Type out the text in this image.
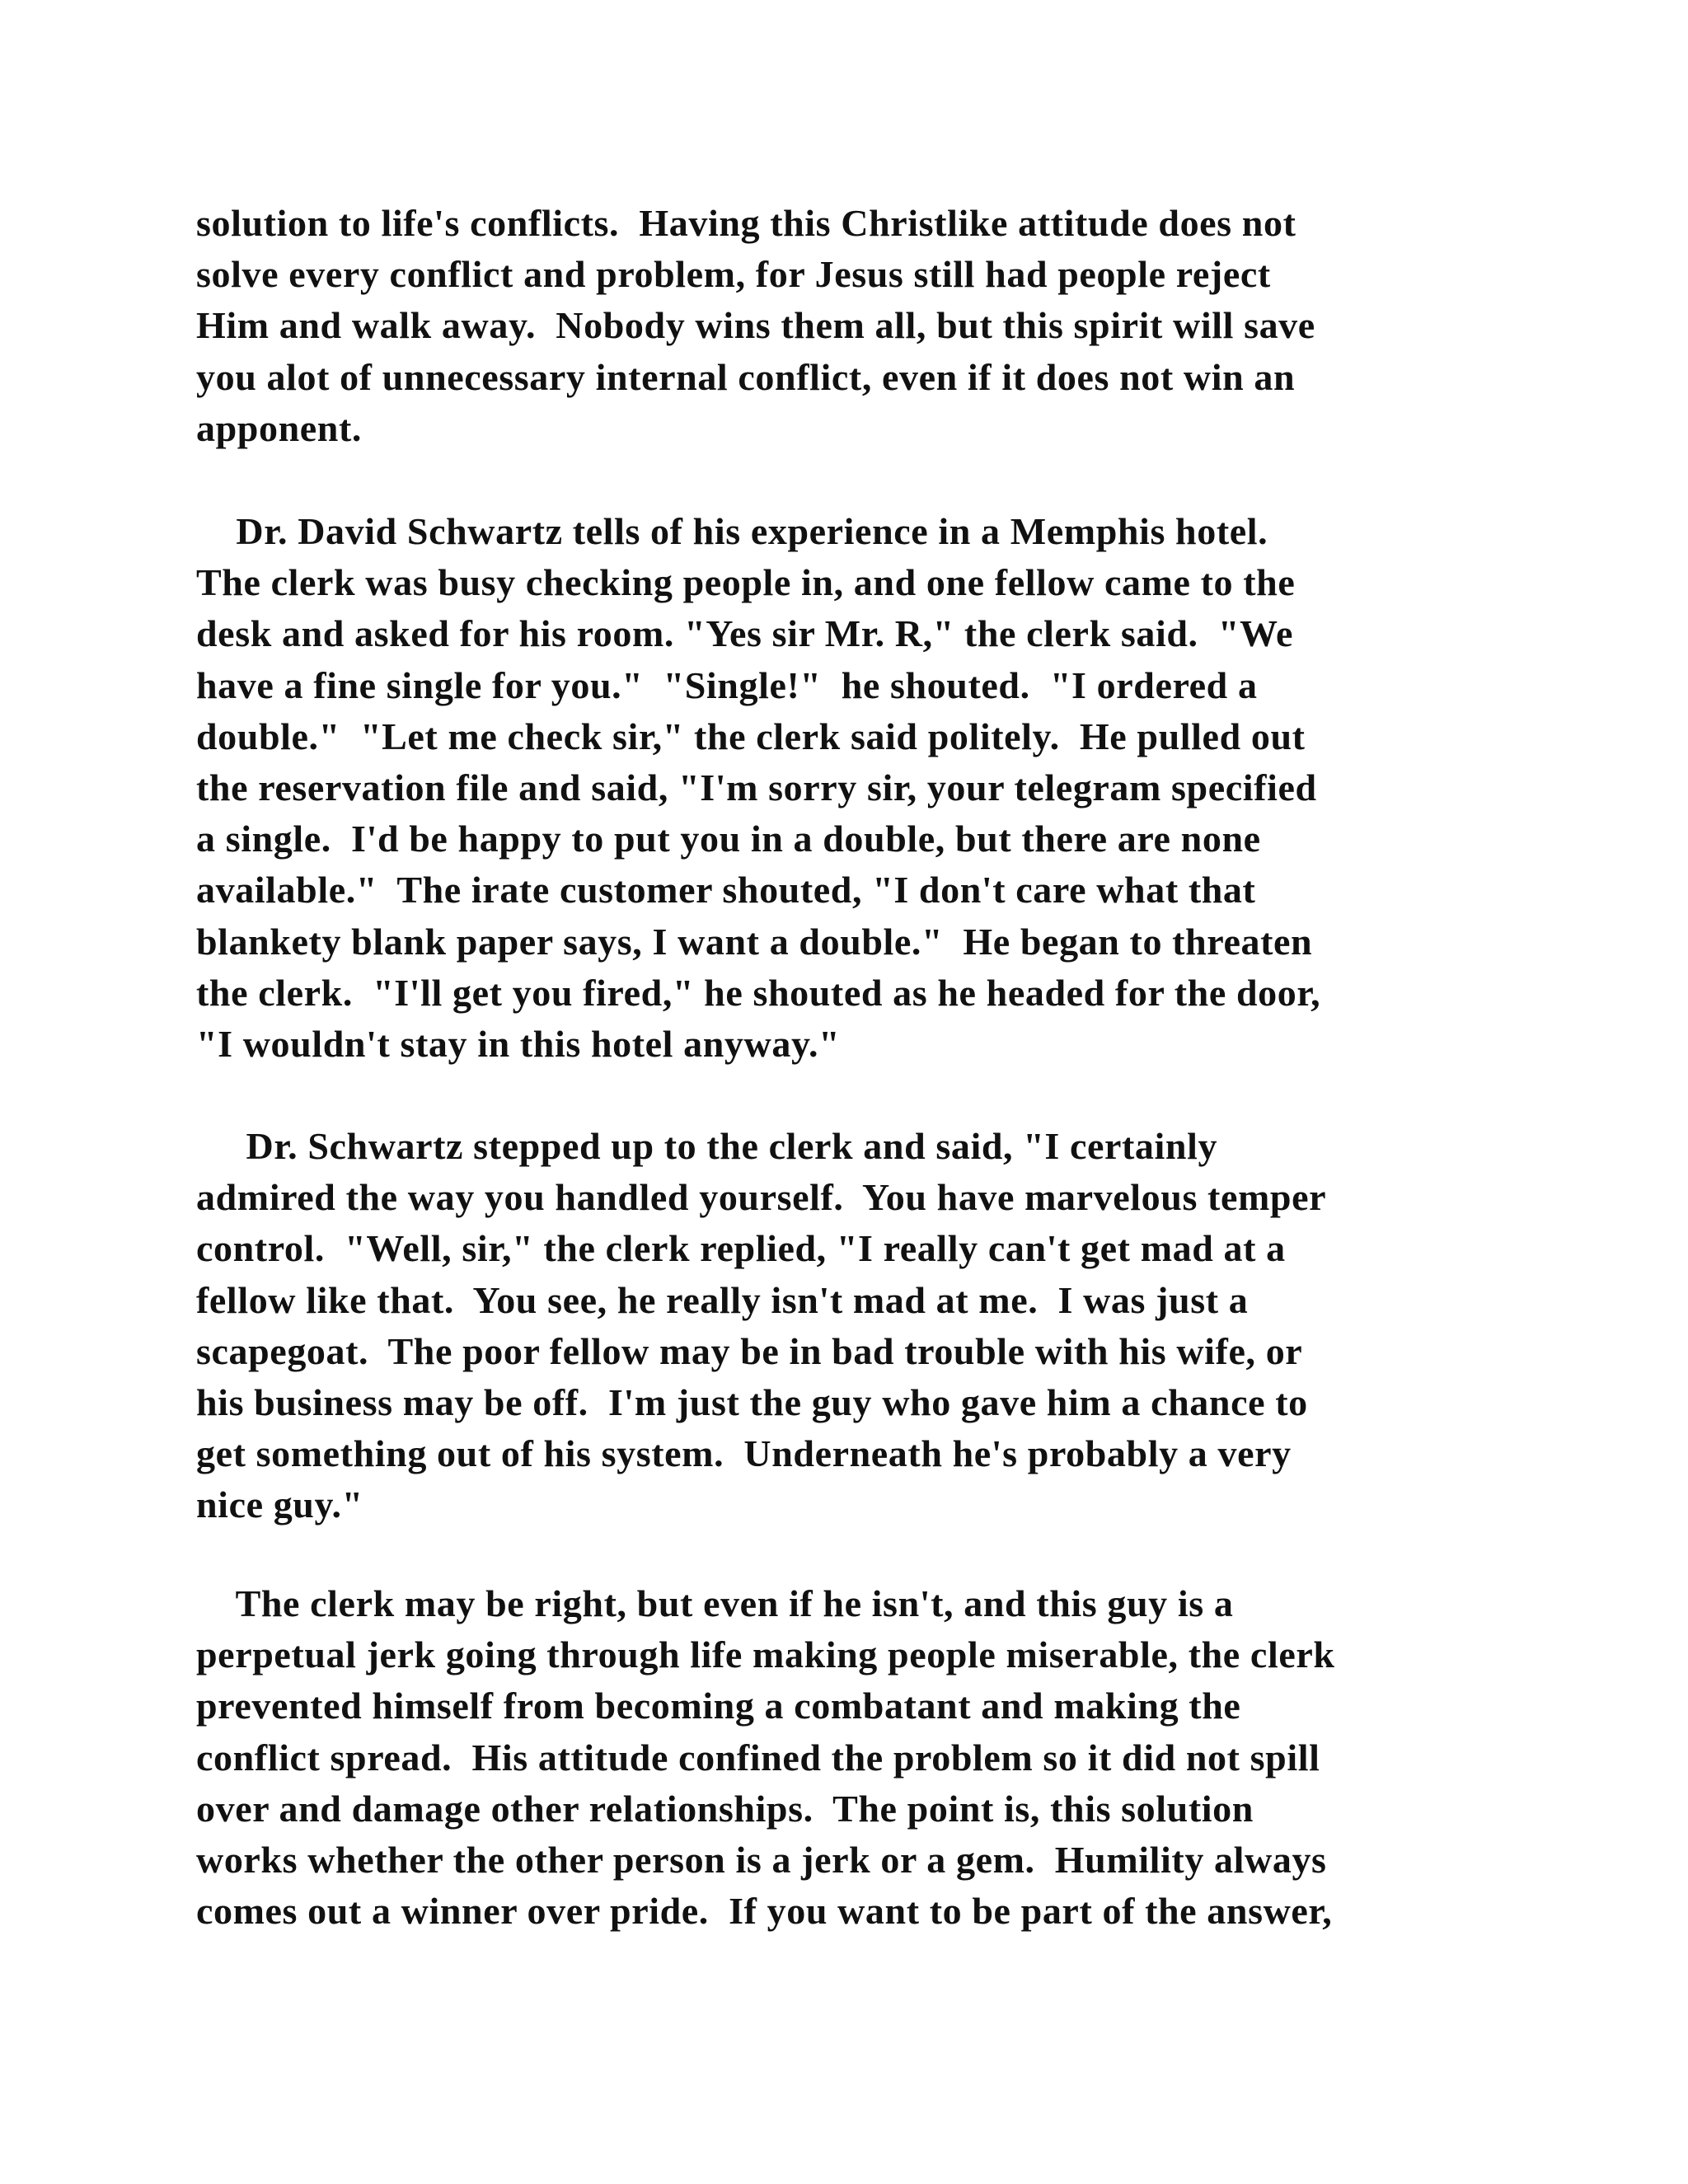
solution to life's conflicts.  Having this Christlike attitude does not
solve every conflict and problem, for Jesus still had people reject
Him and walk away.  Nobody wins them all, but this spirit will save
you alot of unnecessary internal conflict, even if it does not win an
apponent.
Dr. David Schwartz tells of his experience in a Memphis hotel.
The clerk was busy checking people in, and one fellow came to the
desk and asked for his room. "Yes sir Mr. R," the clerk said.  "We
have a fine single for you."  "Single!"  he shouted.  "I ordered a
double."  "Let me check sir," the clerk said politely.  He pulled out
the reservation file and said, "I'm sorry sir, your telegram specified
a single.  I'd be happy to put you in a double, but there are none
available."  The irate customer shouted, "I don't care what that
blankety blank paper says, I want a double."  He began to threaten
the clerk.  "I'll get you fired," he shouted as he headed for the door,
"I wouldn't stay in this hotel anyway."
Dr. Schwartz stepped up to the clerk and said, "I certainly
admired the way you handled yourself.  You have marvelous temper
control.  "Well, sir," the clerk replied, "I really can't get mad at a
fellow like that.  You see, he really isn't mad at me.  I was just a
scapegoat.  The poor fellow may be in bad trouble with his wife, or
his business may be off.  I'm just the guy who gave him a chance to
get something out of his system.  Underneath he's probably a very
nice guy."
The clerk may be right, but even if he isn't, and this guy is a
perpetual jerk going through life making people miserable, the clerk
prevented himself from becoming a combatant and making the
conflict spread.  His attitude confined the problem so it did not spill
over and damage other relationships.  The point is, this solution
works whether the other person is a jerk or a gem.  Humility always
comes out a winner over pride.  If you want to be part of the answer,
